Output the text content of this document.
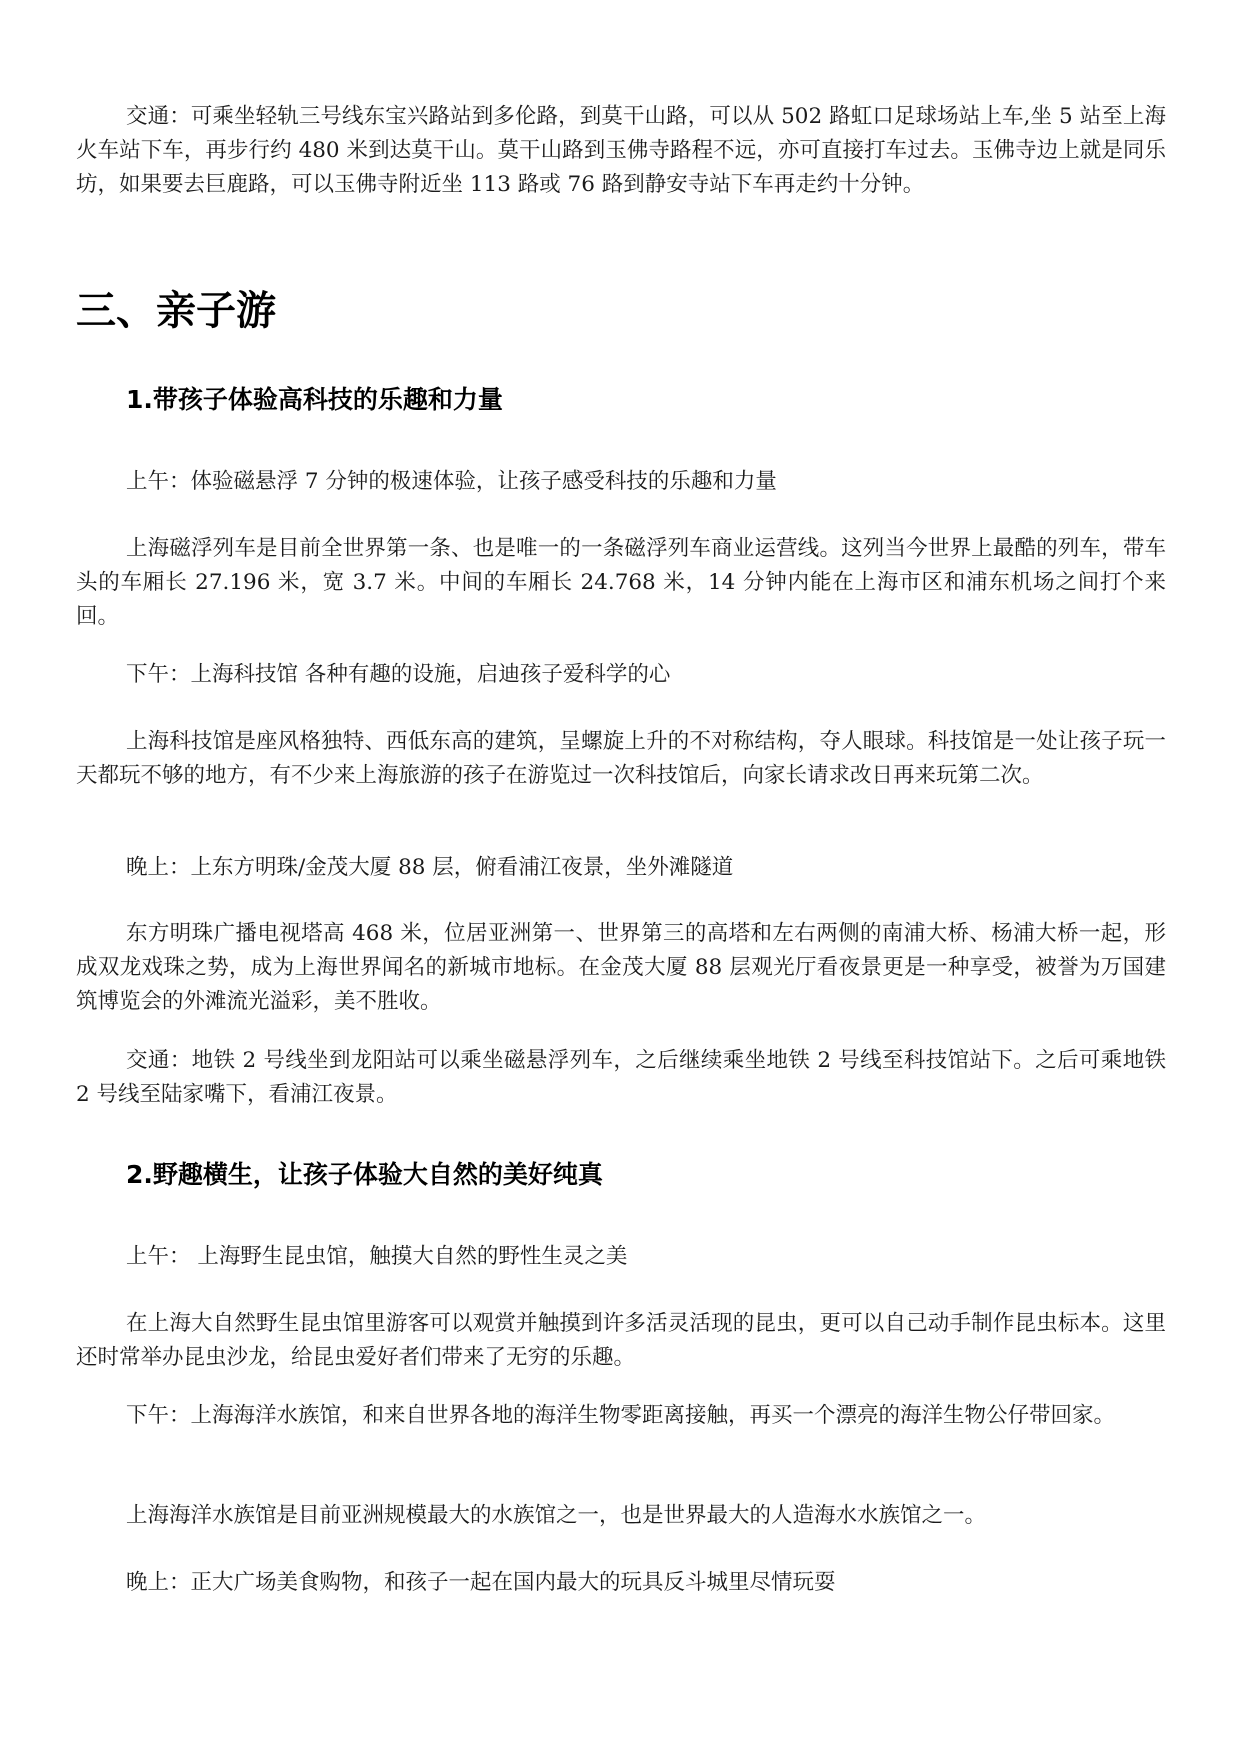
交通：可乘坐轻轨三号线东宝兴路站到多伦路，到莫干山路，可以从 502 路虹口足球场站上车,坐 5 站至上海火车站下车，再步行约 480 米到达莫干山。莫干山路到玉佛寺路程不远，亦可直接打车过去。玉佛寺边上就是同乐坊，如果要去巨鹿路，可以玉佛寺附近坐 113 路或 76 路到静安寺站下车再走约十分钟。

三、亲子游
1.带孩子体验高科技的乐趣和力量

上午：体验磁悬浮 7 分钟的极速体验，让孩子感受科技的乐趣和力量

上海磁浮列车是目前全世界第一条、也是唯一的一条磁浮列车商业运营线。这列当今世界上最酷的列车，带车头的车厢长 27.196 米，宽 3.7 米。中间的车厢长 24.768 米，14 分钟内能在上海市区和浦东机场之间打个来回。

下午：上海科技馆 各种有趣的设施，启迪孩子爱科学的心

上海科技馆是座风格独特、西低东高的建筑，呈螺旋上升的不对称结构，夺人眼球。科技馆是一处让孩子玩一天都玩不够的地方，有不少来上海旅游的孩子在游览过一次科技馆后，向家长请求改日再来玩第二次。

晚上：上东方明珠/金茂大厦 88 层，俯看浦江夜景，坐外滩隧道

东方明珠广播电视塔高 468 米，位居亚洲第一、世界第三的高塔和左右两侧的南浦大桥、杨浦大桥一起，形成双龙戏珠之势，成为上海世界闻名的新城市地标。在金茂大厦 88 层观光厅看夜景更是一种享受，被誉为万国建筑博览会的外滩流光溢彩，美不胜收。

交通：地铁 2 号线坐到龙阳站可以乘坐磁悬浮列车，之后继续乘坐地铁 2 号线至科技馆站下。之后可乘地铁 2 号线至陆家嘴下，看浦江夜景。

2.野趣横生，让孩子体验大自然的美好纯真

上午： 上海野生昆虫馆，触摸大自然的野性生灵之美

在上海大自然野生昆虫馆里游客可以观赏并触摸到许多活灵活现的昆虫，更可以自己动手制作昆虫标本。这里还时常举办昆虫沙龙，给昆虫爱好者们带来了无穷的乐趣。

下午：上海海洋水族馆，和来自世界各地的海洋生物零距离接触，再买一个漂亮的海洋生物公仔带回家。

上海海洋水族馆是目前亚洲规模最大的水族馆之一，也是世界最大的人造海水水族馆之一。

晚上：正大广场美食购物，和孩子一起在国内最大的玩具反斗城里尽情玩耍
